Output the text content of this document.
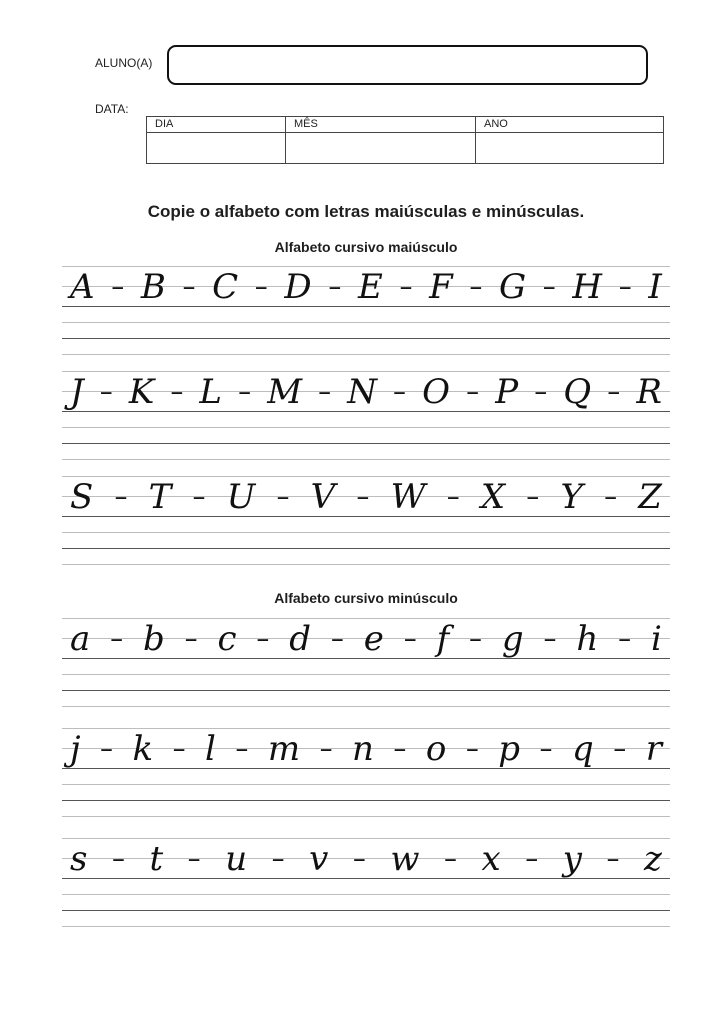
ALUNO(A)
DATA:
DIA	MÊS	ANO

Copie o alfabeto com letras maiúsculas e minúsculas.
Alfabeto cursivo maiúsculo
Alfabeto cursivo minúsculo
A – B – C – D – E – F – G – H – I
J – K – L – M – N – O – P – Q – R
S – T – U – V – W – X – Y – Z
a – b – c – d – e – f – g – h – i
j – k – l – m – n – o – p – q – r
s – t – u – v – w – x – y – z
